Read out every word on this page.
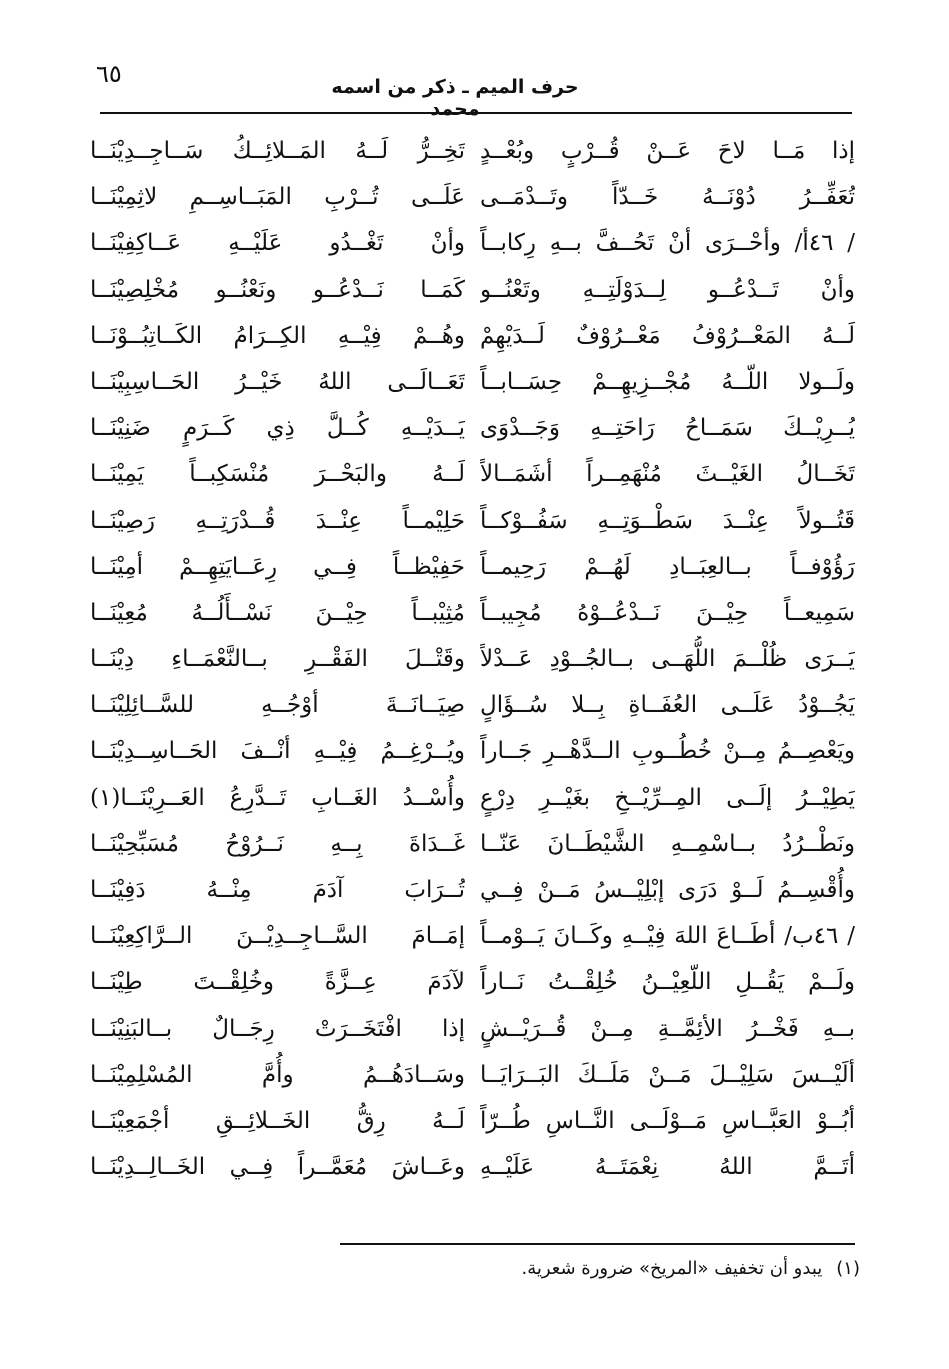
٦٥	حرف الميم ـ ذكر من اسمه محمد
إذا مَــا لاحَ عَــنْ قُــرْبٍ وبُعْــدٍ
تُعَفِّــرُ دُوْنَــهُ خَــدّاً وتَــدْمَــى
/ ٤٦أ/ وأحْــرَى أنْ تَحُــفَّ بــهِ رِكابــاً
وأنْ تَــدْعُــو لِــدَوْلَتِــهِ وتَعْنُــو
لَــهُ المَعْــرُوْفُ مَعْــرُوْفٌ لَــدَيْهِمْ
ولَــولا اللّــهُ مُجْــزِيهِــمْ حِسَــابــاً
يُــرِيْــكَ سَمَــاحُ رَاحَتِــهِ وَجَــدْوَى
تَخَــالُ الغَيْــثَ مُنْهَمِــراً أشَمَــالاً
قَتُــولاً عِنْــدَ سَطْــوَتِــهِ سَفُــوْكــاً
رَؤُوْفــاً بــالعِبَــادِ لَهُــمْ رَحِيمــاً
سَمِيعــاً حِيْــنَ نَــدْعُــوْهُ مُجِيبــاً
يَــرَى ظُلْــمَ اللُّهَــى بــالجُــوْدِ عَــدْلاً
يَجُــوْدُ عَلَــى العُفَــاةِ بِــلا سُــؤَالٍ
ويَعْصِــمُ مِــنْ خُطُــوبِ الــدَّهْــرِ جَــاراً
يَطِيْــرُ إلَــى المِــرِّيْــخِ بغَيْــرِ دِرْعٍ
ونَطْــرُدُ بــاسْمِــهِ الشَّيْطَــانَ عَنّــا
وأُقْسِــمُ لَــوْ دَرَى إبْلِيْــسُ مَــنْ فِــي
/ ٤٦ب/ أطَــاعَ اللهَ فِيْــهِ وكَــانَ يَــوْمــاً
ولَــمْ يَقُــلِ اللّعِيْــنُ خُلِقْــتُ نَــاراً
بــهِ فَخْــرُ الأئِمَّــةِ مِــنْ قُــرَيْــشٍ
ألَيْــسَ سَلِيْــلَ مَــنْ مَلَــكَ البَــرَايَــا
أبُــوْ العَبَّــاسِ مَــوْلَــى النَّــاسِ طُــرّاً
أتَــمَّ اللهُ نِعْمَتَــهُ عَلَيْــهِ
تَخِــرُّ لَــهُ المَــلائِــكُ سَــاجِــدِيْنَــا
عَلَــى تُــرْبِ المَبَــاسِــمِ لاثِمِيْنَــا
وأنْ تَغْــدُو عَلَيْــهِ عَــاكِفِيْنَــا
كَمَــا نَــدْعُــو ونَعْنُــو مُخْلِصِيْنَــا
وهُــمْ فِيْــهِ الكِــرَامُ الكَــاتِبُــوْنَــا
تَعَــالَــى اللهُ خَيْــرُ الحَــاسِبِيْنَــا
يَــدَيْــهِ كُــلَّ ذِي كَــرَمٍ ضَنِيْنَــا
لَــهُ والبَحْــرَ مُنْسَكِبــاً يَمِيْنَــا
حَلِيْمــاً عِنْــدَ قُــدْرَتِــهِ رَصِيْنَــا
حَفِيْظــاً فِــي رِعَــايَتِهِــمْ أمِيْنَــا
مُثِيْبــاً حِيْــنَ نَسْــأَلُــهُ مُعِيْنَــا
وقَتْــلَ الفَقْــرِ بــالنَّعْمَــاءِ دِيْنَــا
صِيَــانَــةَ أوْجُــهِ للسَّــائِلِيْنَــا
ويُــرْغِــمُ فِيْــهِ أنْــفَ الحَــاسِــدِيْنَــا
وأُسْــدُ الغَــابِ تَــدَّرِعُ العَــرِيْنَــا(١)
غَــدَاةَ بِــهِ نَــرُوْحُ مُسَبِّحِيْنَــا
تُــرَابَ آدَمَ مِنْــهُ دَفِيْنَــا
إمَــامَ السَّــاجِــدِيْــنَ الــرَّاكِعِيْنَــا
لآدَمَ عِــزَّةً وخُلِقْــتَ طِيْنَــا
إذا افْتَخَــرَتْ رِجَــالٌ بــالبَنِيْنَــا
وسَــادَهُــمُ وأُمَّ المُسْلِمِيْنَــا
لَــهُ رِقُّ الخَــلائِــقِ أجْمَعِيْنَــا
وعَــاشَ مُعَمَّــراً فِــي الخَــالِــدِيْنَــا
(١)يبدو أن تخفيف «المريخ» ضرورة شعرية.
